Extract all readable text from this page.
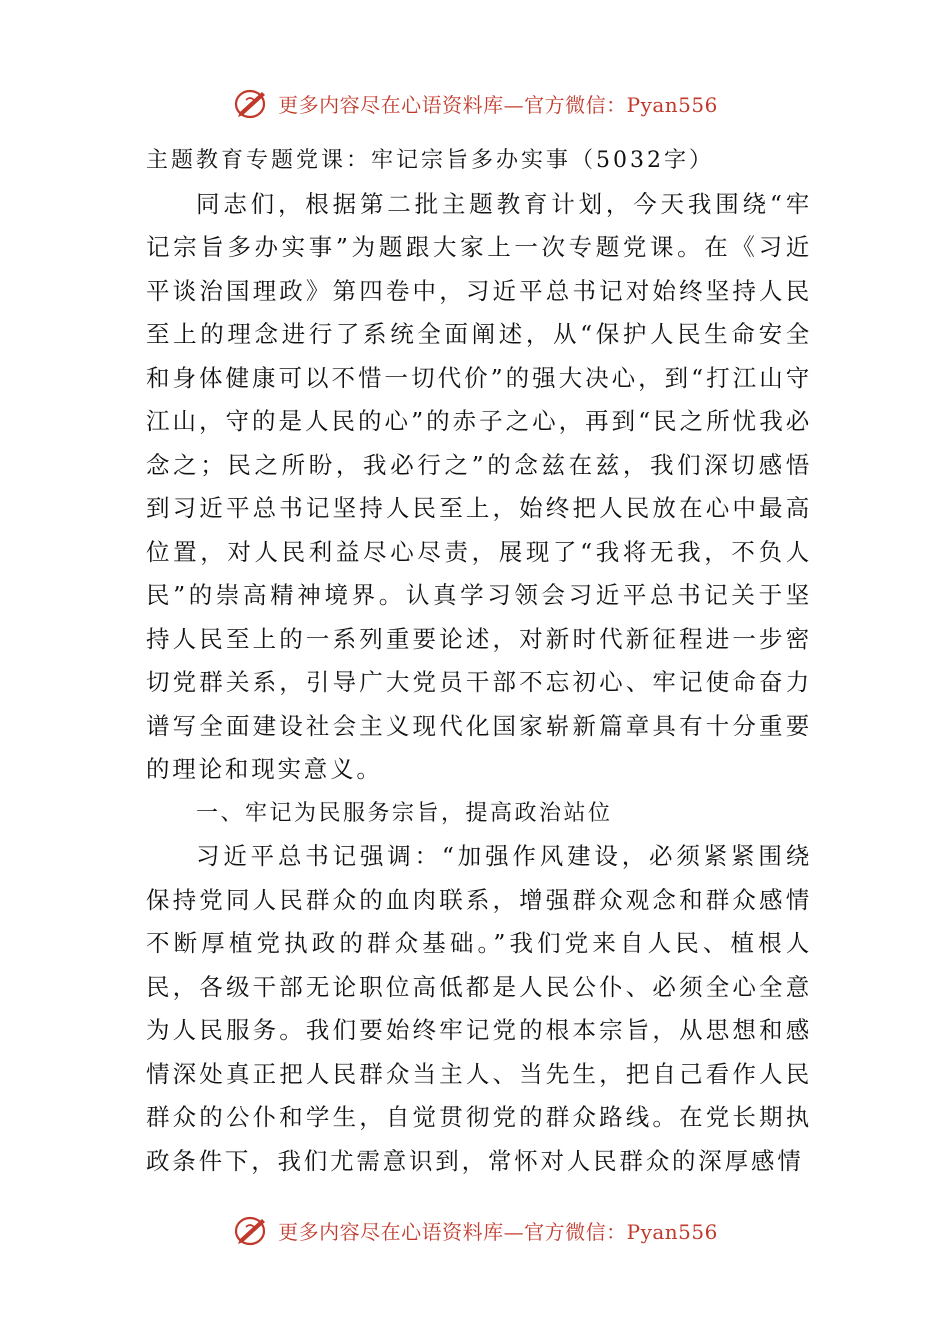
更多内容尽在心语资料库—官方微信：Pyan556

主题教育专题党课：牢记宗旨多办实事（5032字）

同志们，根据第二批主题教育计划，今天我围绕“牢记宗旨多办实事”为题跟大家上一次专题党课。在《习近平谈治国理政》第四卷中，习近平总书记对始终坚持人民至上的理念进行了系统全面阐述，从“保护人民生命安全和身体健康可以不惜一切代价”的强大决心，到“打江山守江山，守的是人民的心”的赤子之心，再到“民之所忧我必念之；民之所盼，我必行之”的念兹在兹，我们深切感悟到习近平总书记坚持人民至上，始终把人民放在心中最高位置，对人民利益尽心尽责，展现了“我将无我，不负人民”的崇高精神境界。认真学习领会习近平总书记关于坚持人民至上的一系列重要论述，对新时代新征程进一步密切党群关系，引导广大党员干部不忘初心、牢记使命奋力谱写全面建设社会主义现代化国家崭新篇章具有十分重要的理论和现实意义。

一、牢记为民服务宗旨，提高政治站位

习近平总书记强调：“加强作风建设，必须紧紧围绕保持党同人民群众的血肉联系，增强群众观念和群众感情不断厚植党执政的群众基础。”我们党来自人民、植根人民，各级干部无论职位高低都是人民公仆、必须全心全意为人民服务。我们要始终牢记党的根本宗旨，从思想和感情深处真正把人民群众当主人、当先生，把自己看作人民群众的公仆和学生，自觉贯彻党的群众路线。在党长期执政条件下，我们尤需意识到，常怀对人民群众的深厚感情

更多内容尽在心语资料库—官方微信：Pyan556
